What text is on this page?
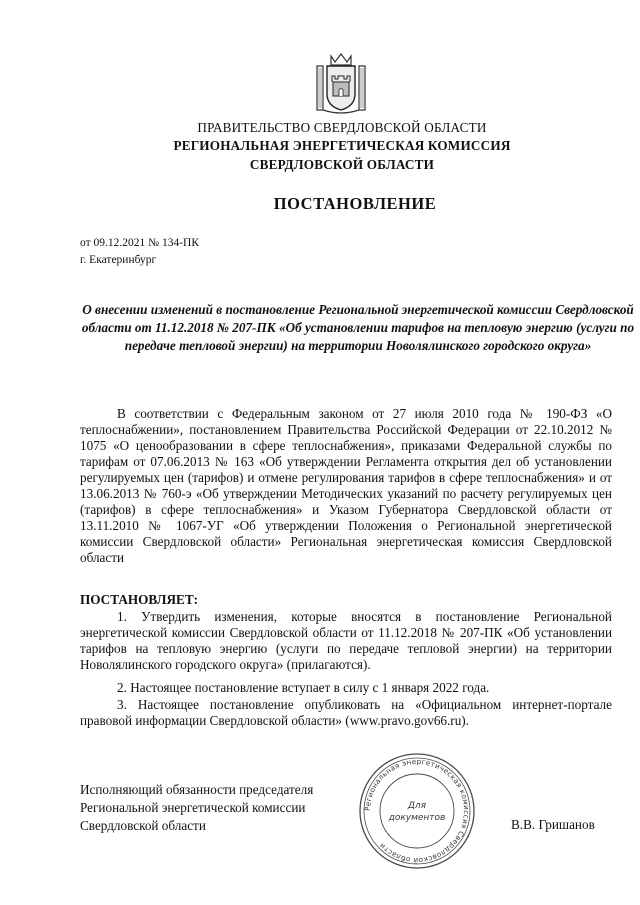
ПРАВИТЕЛЬСТВО СВЕРДЛОВСКОЙ ОБЛАСТИ
РЕГИОНАЛЬНАЯ ЭНЕРГЕТИЧЕСКАЯ КОМИССИЯ
СВЕРДЛОВСКОЙ ОБЛАСТИ
ПОСТАНОВЛЕНИЕ
от 09.12.2021 № 134-ПК
г. Екатеринбург
О внесении изменений в постановление Региональной энергетической комиссии Свердловской области от 11.12.2018 № 207-ПК «Об установлении тарифов на тепловую энергию (услуги по передаче тепловой энергии) на территории Новолялинского городского округа»
В соответствии с Федеральным законом от 27 июля 2010 года № 190-ФЗ «О теплоснабжении», постановлением Правительства Российской Федерации от 22.10.2012 № 1075 «О ценообразовании в сфере теплоснабжения», приказами Федеральной службы по тарифам от 07.06.2013 № 163 «Об утверждении Регламента открытия дел об установлении регулируемых цен (тарифов) и отмене регулирования тарифов в сфере теплоснабжения» и от 13.06.2013 № 760-э «Об утверждении Методических указаний по расчету регулируемых цен (тарифов) в сфере теплоснабжения» и Указом Губернатора Свердловской области от 13.11.2010 № 1067-УГ «Об утверждении Положения о Региональной энергетической комиссии Свердловской области» Региональная энергетическая комиссия Свердловской области
ПОСТАНОВЛЯЕТ:
1. Утвердить изменения, которые вносятся в постановление Региональной энергетической комиссии Свердловской области от 11.12.2018 № 207-ПК «Об установлении тарифов на тепловую энергию (услуги по передаче тепловой энергии) на территории Новолялинского городского округа» (прилагаются).
2. Настоящее постановление вступает в силу с 1 января 2022 года.
3. Настоящее постановление опубликовать на «Официальном интернет-портале правовой информации Свердловской области» (www.pravo.gov66.ru).
Исполняющий обязанности председателя
Региональной энергетической комиссии
Свердловской области	В.В. Гришанов
Региональная энергетическая комиссия Свердловской области
Для
документов
